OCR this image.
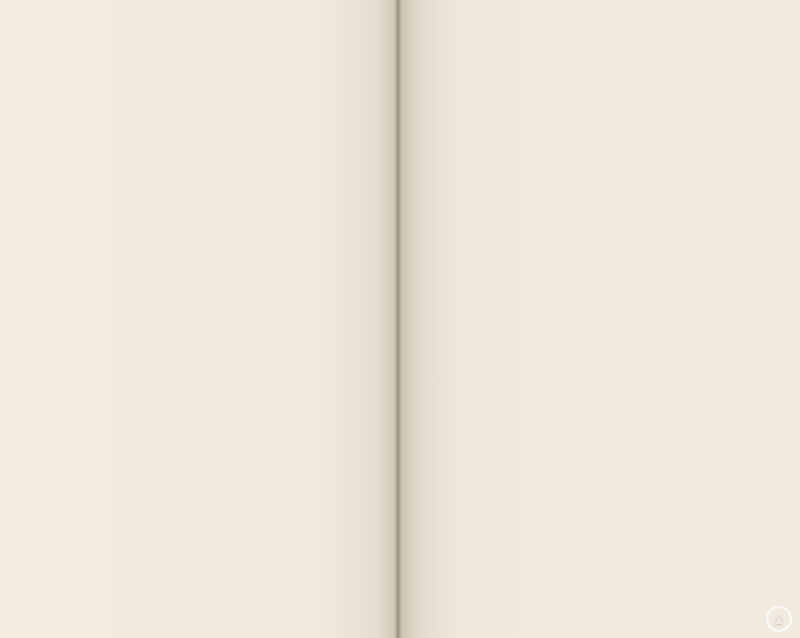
▲
